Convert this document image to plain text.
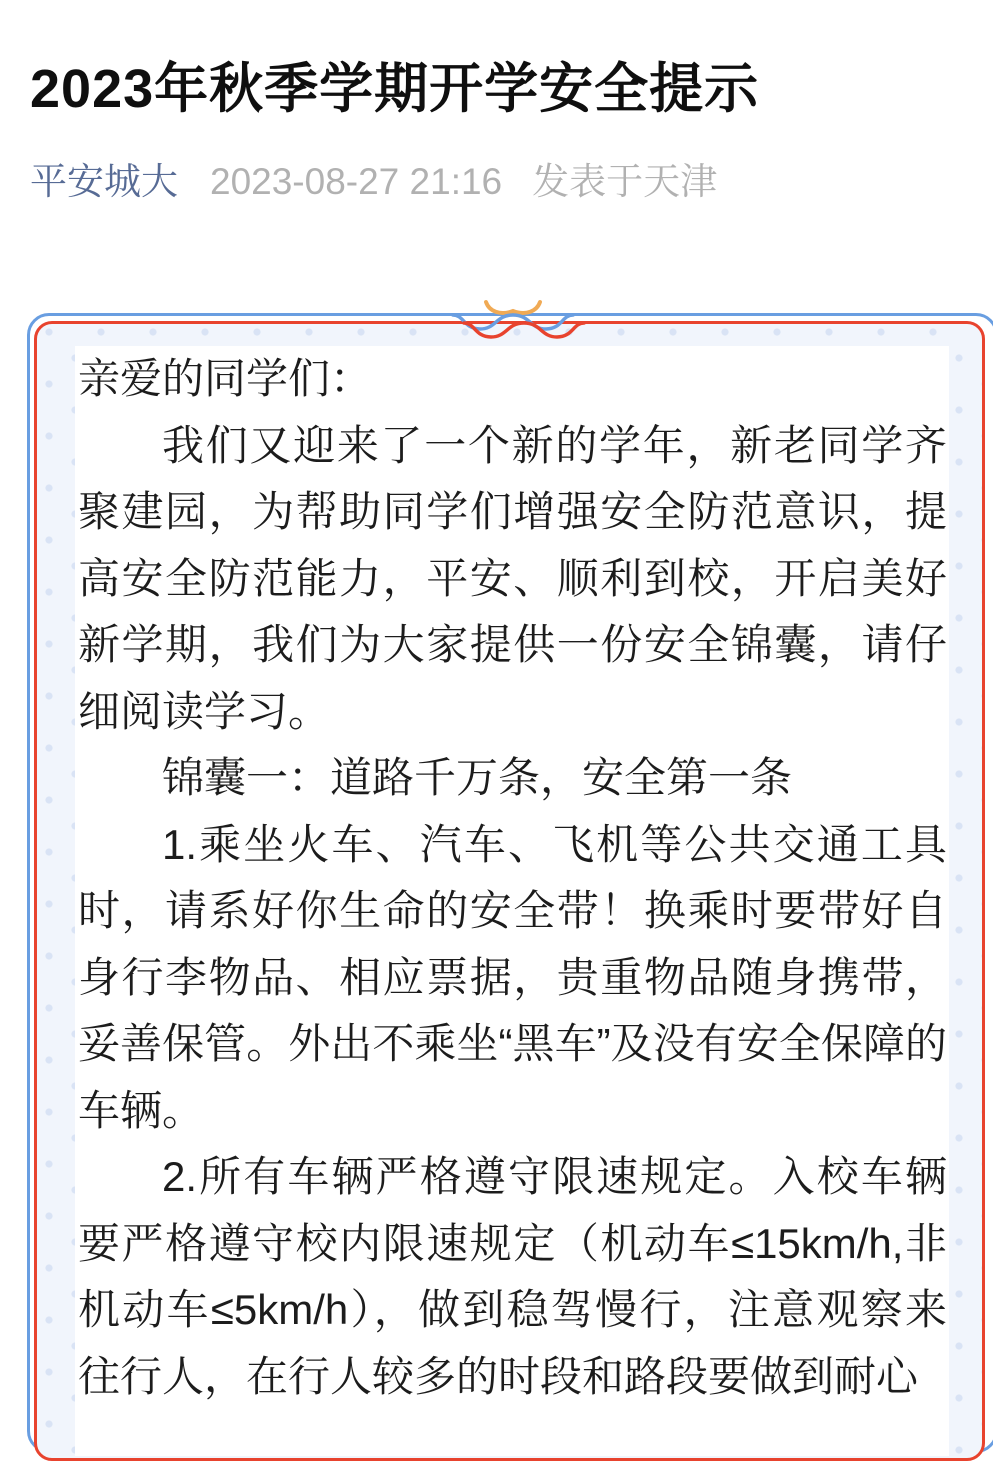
2023年秋季学期开学安全提示
平安城大 2023-08-27 21:16 发表于天津

亲爱的同学们：

我们又迎来了一个新的学年，新老同学齐聚建园，为帮助同学们增强安全防范意识，提高安全防范能力，平安、顺利到校，开启美好新学期，我们为大家提供一份安全锦囊，请仔细阅读学习。

锦囊一：道路千万条，安全第一条

1.乘坐火车、汽车、飞机等公共交通工具时，请系好你生命的安全带！换乘时要带好自身行李物品、相应票据，贵重物品随身携带，妥善保管。外出不乘坐“黑车”及没有安全保障的车辆。

2.所有车辆严格遵守限速规定。入校车辆要严格遵守校内限速规定（机动车≤15km/h,非机动车≤5km/h），做到稳驾慢行，注意观察来往行人，在行人较多的时段和路段要做到耐心
